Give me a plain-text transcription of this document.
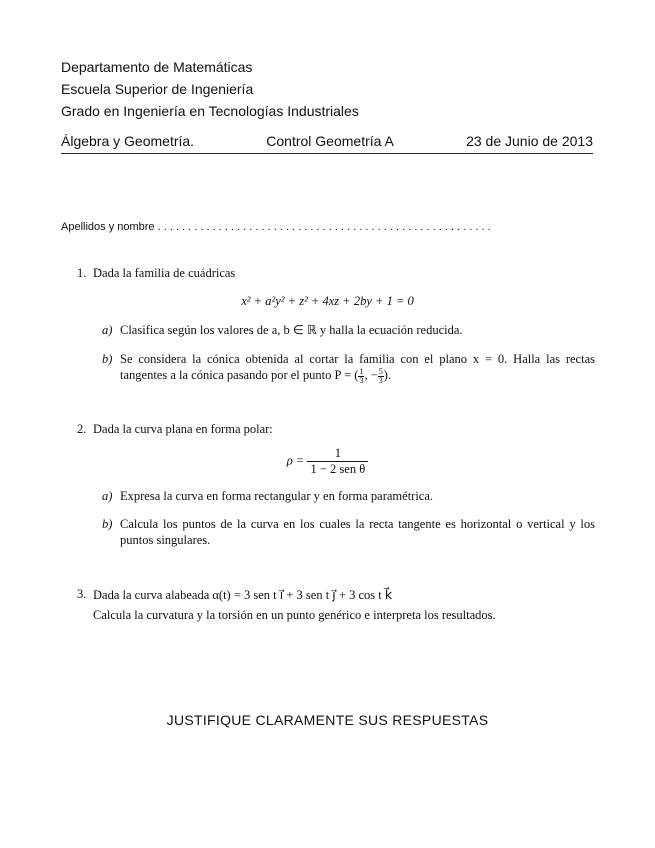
Departamento de Matemáticas
Escuela Superior de Ingeniería
Grado en Ingeniería en Tecnologías Industriales
Álgebra y Geometría.	Control Geometría A	23 de Junio de 2013
Apellidos y nombre . . . . . . . . . . . . . . . . . . . . . . . . . . . . . . . . . . . . . . . . . . . . . . . . . . . . . . .
1. Dada la familia de cuádricas
x² + a²y² + z² + 4xz + 2by + 1 = 0
a) Clasifica según los valores de a, b ∈ ℝ y halla la ecuación reducida.
b) Se considera la cónica obtenida al cortar la familia con el plano x = 0. Halla las rectas tangentes a la cónica pasando por el punto P = ( $\frac{1}{3}$ , − $\frac{5}{3}$ ).
2. Dada la curva plana en forma polar:
$\rho = \frac{1}{\text{1 − 2 sen θ}}$
a) Expresa la curva en forma rectangular y en forma paramétrica.
b) Calcula los puntos de la curva en los cuales la recta tangente es horizontal o vertical y los puntos singulares.
3. Dada la curva alabeada α(t) = 3 sen t i⃗ + 3 sen t j⃗ + 3 cos t k⃗
Calcula la curvatura y la torsión en un punto genérico e interpreta los resultados.
JUSTIFIQUE CLARAMENTE SUS RESPUESTAS
